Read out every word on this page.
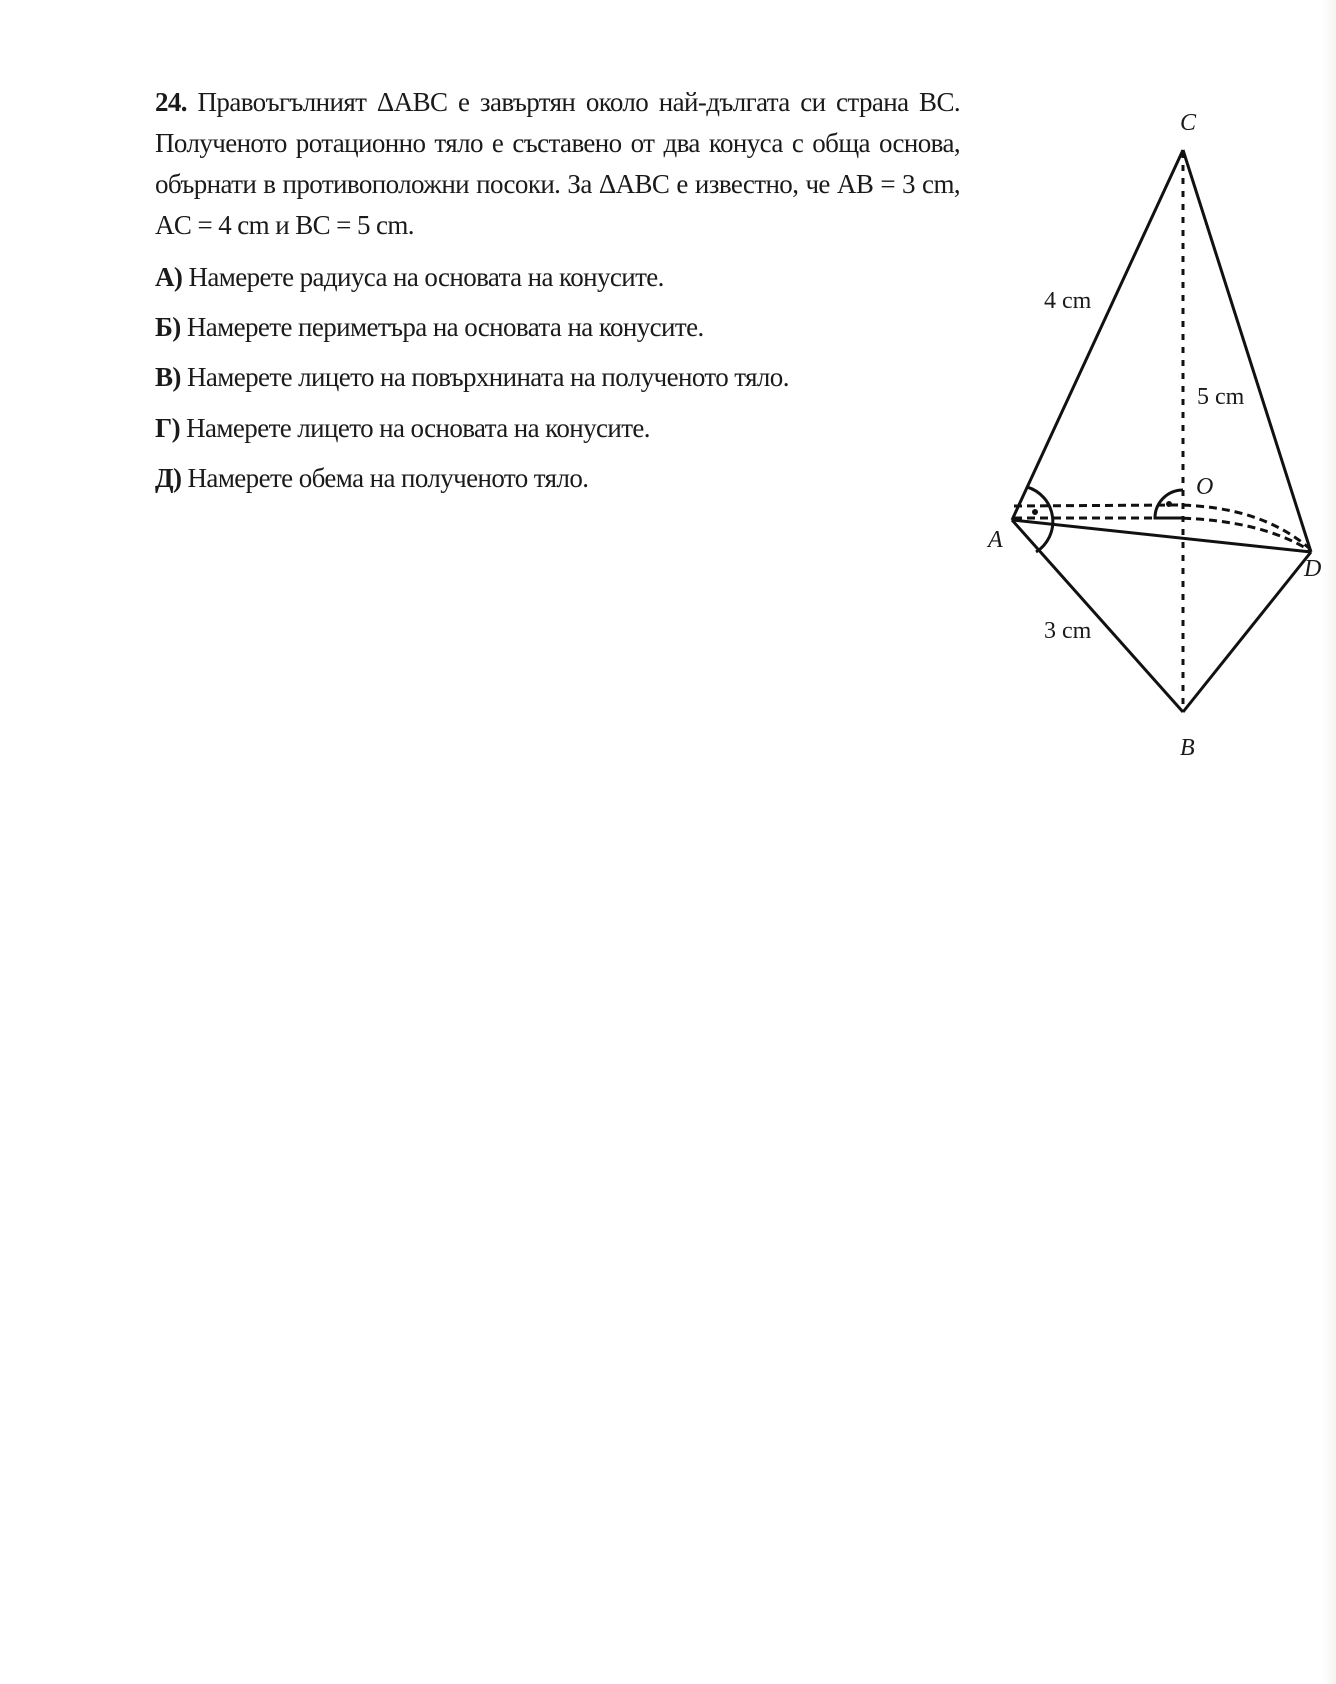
24. Правоъгълният ΔABC е завъртян около най-дългата си страна BC. Полученото ротационно тяло е съставено от два конуса с обща основа, обърнати в противоположни посоки. За ΔABC е известно, че AB = 3 cm, AC = 4 cm и BC = 5 cm.
А) Намерете радиуса на основата на конусите.
Б) Намерете периметъра на основата на конусите.
В) Намерете лицето на повърхнината на полученото тяло.
Г) Намерете лицето на основата на конусите.
Д) Намерете обема на полученото тяло.
C
A
B
O
D
4 cm
5 cm
3 cm
